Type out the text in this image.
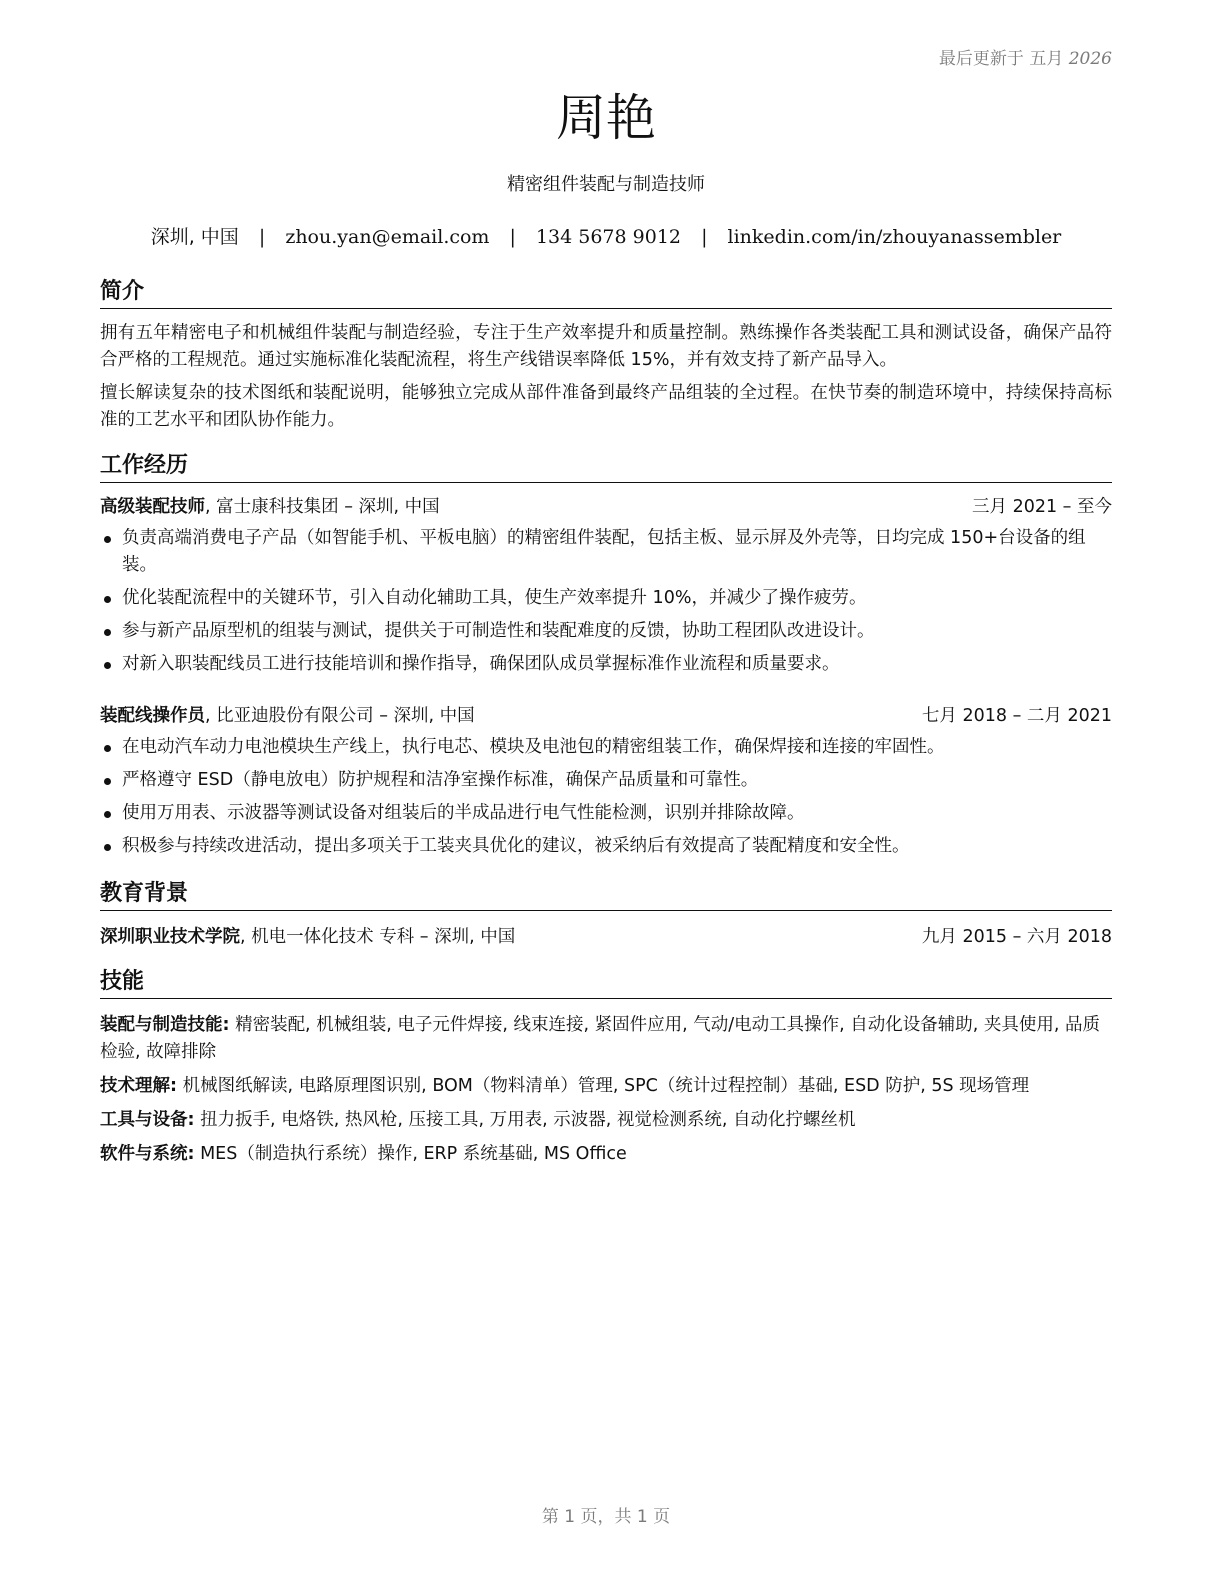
最后更新于 五月 2026
周艳
精密组件装配与制造技师
深圳, 中国 | zhou.yan@email.com | 134 5678 9012 | linkedin.com/in/zhouyanassembler
简介

拥有五年精密电子和机械组件装配与制造经验，专注于生产效率提升和质量控制。熟练操作各类装配工具和测试设备，确保产品符合严格的工程规范。通过实施标准化装配流程，将生产线错误率降低 15%，并有效支持了新产品导入。

擅长解读复杂的技术图纸和装配说明，能够独立完成从部件准备到最终产品组装的全过程。在快节奏的制造环境中，持续保持高标准的工艺水平和团队协作能力。

工作经历
高级装配技师, 富士康科技集团 – 深圳, 中国	三月 2021 – 至今
负责高端消费电子产品（如智能手机、平板电脑）的精密组件装配，包括主板、显示屏及外壳等，日均完成 150+台设备的组装。
优化装配流程中的关键环节，引入自动化辅助工具，使生产效率提升 10%，并减少了操作疲劳。
参与新产品原型机的组装与测试，提供关于可制造性和装配难度的反馈，协助工程团队改进设计。
对新入职装配线员工进行技能培训和操作指导，确保团队成员掌握标准作业流程和质量要求。
装配线操作员, 比亚迪股份有限公司 – 深圳, 中国	七月 2018 – 二月 2021
在电动汽车动力电池模块生产线上，执行电芯、模块及电池包的精密组装工作，确保焊接和连接的牢固性。
严格遵守 ESD（静电放电）防护规程和洁净室操作标准，确保产品质量和可靠性。
使用万用表、示波器等测试设备对组装后的半成品进行电气性能检测，识别并排除故障。
积极参与持续改进活动，提出多项关于工装夹具优化的建议，被采纳后有效提高了装配精度和安全性。
教育背景
深圳职业技术学院, 机电一体化技术 专科 – 深圳, 中国	九月 2015 – 六月 2018
技能

装配与制造技能: 精密装配, 机械组装, 电子元件焊接, 线束连接, 紧固件应用, 气动/电动工具操作, 自动化设备辅助, 夹具使用, 品质检验, 故障排除

技术理解: 机械图纸解读, 电路原理图识别, BOM（物料清单）管理, SPC（统计过程控制）基础, ESD 防护, 5S 现场管理

工具与设备: 扭力扳手, 电烙铁, 热风枪, 压接工具, 万用表, 示波器, 视觉检测系统, 自动化拧螺丝机

软件与系统: MES（制造执行系统）操作, ERP 系统基础, MS Office

第 1 页，共 1 页
